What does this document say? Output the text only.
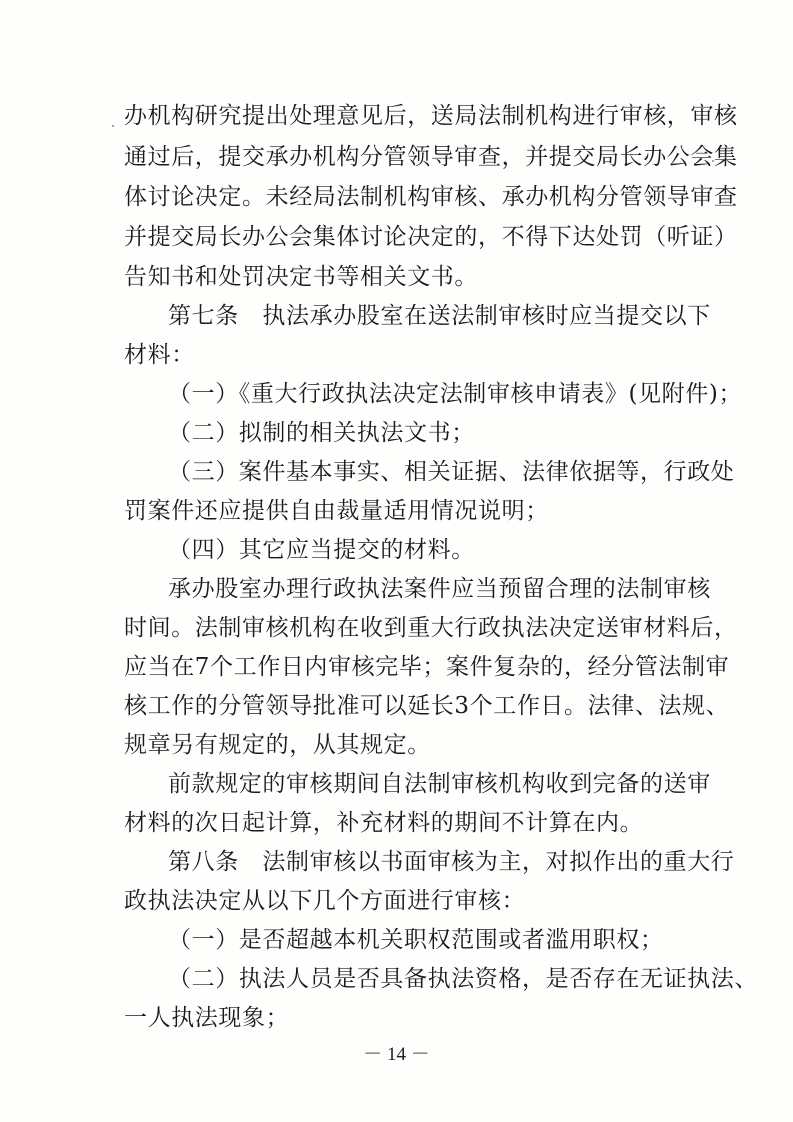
办机构研究提出处理意见后，送局法制机构进行审核，审核
通过后，提交承办机构分管领导审查，并提交局长办公会集
体讨论决定。未经局法制机构审核、承办机构分管领导审查
并提交局长办公会集体讨论决定的，不得下达处罚（听证）
告知书和处罚决定书等相关文书。
第七条　执法承办股室在送法制审核时应当提交以下
材料：
（一）《重大行政执法决定法制审核申请表》(见附件)；
（二）拟制的相关执法文书；
（三）案件基本事实、相关证据、法律依据等，行政处
罚案件还应提供自由裁量适用情况说明；
（四）其它应当提交的材料。
承办股室办理行政执法案件应当预留合理的法制审核
时间。法制审核机构在收到重大行政执法决定送审材料后，
应当在7个工作日内审核完毕；案件复杂的，经分管法制审
核工作的分管领导批准可以延长3个工作日。法律、法规、
规章另有规定的，从其规定。
前款规定的审核期间自法制审核机构收到完备的送审
材料的次日起计算，补充材料的期间不计算在内。
第八条　法制审核以书面审核为主，对拟作出的重大行
政执法决定从以下几个方面进行审核：
（一）是否超越本机关职权范围或者滥用职权；
（二）执法人员是否具备执法资格，是否存在无证执法、
一人执法现象；
－ 14 －
